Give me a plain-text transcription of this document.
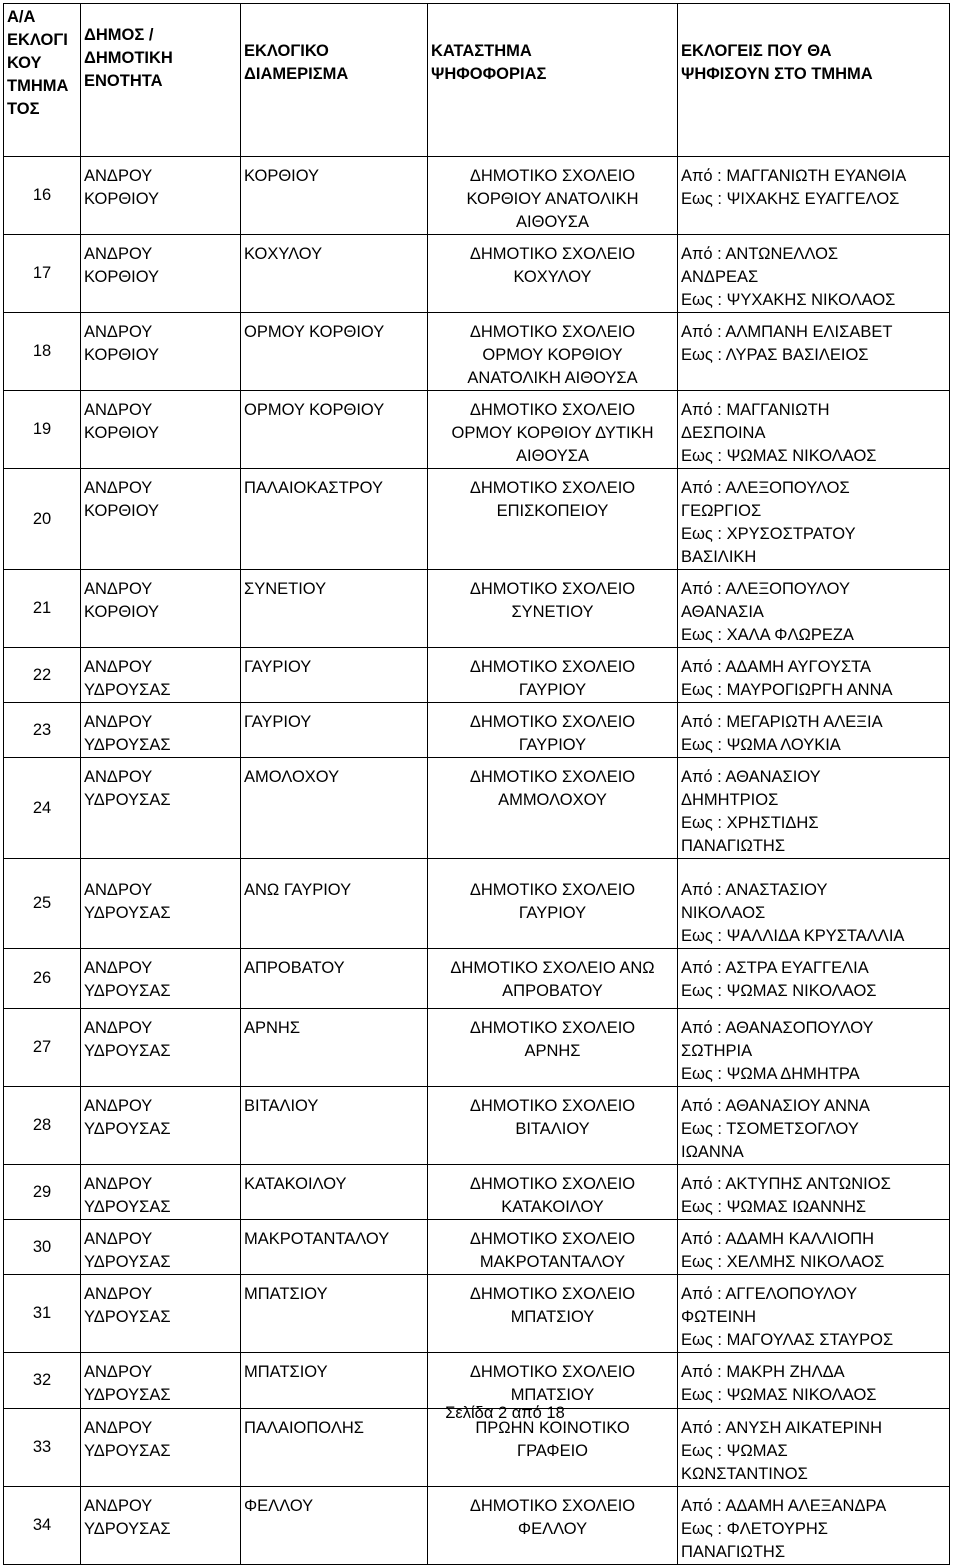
Α/Α
ΕΚΛΟΓΙ
ΚΟΥ
ΤΜΗΜΑ
ΤΟΣ	ΔΗΜΟΣ /
ΔΗΜΟΤΙΚΗ
ΕΝΟΤΗΤΑ	ΕΚΛΟΓΙΚΟ
ΔΙΑΜΕΡΙΣΜΑ	ΚΑΤΑΣΤΗΜΑ
ΨΗΦΟΦΟΡΙΑΣ	ΕΚΛΟΓΕΙΣ ΠΟΥ ΘΑ
ΨΗΦΙΣΟΥΝ ΣΤΟ ΤΜΗΜΑ
16	ΑΝΔΡΟΥ
ΚΟΡΘΙΟΥ	ΚΟΡΘΙΟΥ	ΔΗΜΟΤΙΚΟ ΣΧΟΛΕΙΟ
ΚΟΡΘΙΟΥ ΑΝΑΤΟΛΙΚΗ
ΑΙΘΟΥΣΑ	Από : ΜΑΓΓΑΝΙΩΤΗ ΕΥΑΝΘΙΑ
Εως : ΨΙΧΑΚΗΣ ΕΥΑΓΓΕΛΟΣ
17	ΑΝΔΡΟΥ
ΚΟΡΘΙΟΥ	ΚΟΧΥΛΟΥ	ΔΗΜΟΤΙΚΟ ΣΧΟΛΕΙΟ
ΚΟΧΥΛΟΥ	Από : ΑΝΤΩΝΕΛΛΟΣ
ΑΝΔΡΕΑΣ
Εως : ΨΥΧΑΚΗΣ ΝΙΚΟΛΑΟΣ
18	ΑΝΔΡΟΥ
ΚΟΡΘΙΟΥ	ΟΡΜΟΥ ΚΟΡΘΙΟΥ	ΔΗΜΟΤΙΚΟ ΣΧΟΛΕΙΟ
ΟΡΜΟΥ ΚΟΡΘΙΟΥ
ΑΝΑΤΟΛΙΚΗ ΑΙΘΟΥΣΑ	Από : ΑΛΜΠΑΝΗ ΕΛΙΣΑΒΕΤ
Εως : ΛΥΡΑΣ ΒΑΣΙΛΕΙΟΣ
19	ΑΝΔΡΟΥ
ΚΟΡΘΙΟΥ	ΟΡΜΟΥ ΚΟΡΘΙΟΥ	ΔΗΜΟΤΙΚΟ ΣΧΟΛΕΙΟ
ΟΡΜΟΥ ΚΟΡΘΙΟΥ ΔΥΤΙΚΗ
ΑΙΘΟΥΣΑ	Από : ΜΑΓΓΑΝΙΩΤΗ
ΔΕΣΠΟΙΝΑ
Εως : ΨΩΜΑΣ ΝΙΚΟΛΑΟΣ
20	ΑΝΔΡΟΥ
ΚΟΡΘΙΟΥ	ΠΑΛΑΙΟΚΑΣΤΡΟΥ	ΔΗΜΟΤΙΚΟ ΣΧΟΛΕΙΟ
ΕΠΙΣΚΟΠΕΙΟΥ	Από : ΑΛΕΞΟΠΟΥΛΟΣ
ΓΕΩΡΓΙΟΣ
Εως : ΧΡΥΣΟΣΤΡΑΤΟΥ
ΒΑΣΙΛΙΚΗ
21	ΑΝΔΡΟΥ
ΚΟΡΘΙΟΥ	ΣΥΝΕΤΙΟΥ	ΔΗΜΟΤΙΚΟ ΣΧΟΛΕΙΟ
ΣΥΝΕΤΙΟΥ	Από : ΑΛΕΞΟΠΟΥΛΟΥ
ΑΘΑΝΑΣΙΑ
Εως : ΧΑΛΑ ΦΛΩΡΕΖΑ
22	ΑΝΔΡΟΥ
ΥΔΡΟΥΣΑΣ	ΓΑΥΡΙΟΥ	ΔΗΜΟΤΙΚΟ ΣΧΟΛΕΙΟ
ΓΑΥΡΙΟΥ	Από : ΑΔΑΜΗ ΑΥΓΟΥΣΤΑ
Εως : ΜΑΥΡΟΓΙΩΡΓΗ ΑΝΝΑ
23	ΑΝΔΡΟΥ
ΥΔΡΟΥΣΑΣ	ΓΑΥΡΙΟΥ	ΔΗΜΟΤΙΚΟ ΣΧΟΛΕΙΟ
ΓΑΥΡΙΟΥ	Από : ΜΕΓΑΡΙΩΤΗ ΑΛΕΞΙΑ
Εως : ΨΩΜΑ ΛΟΥΚΙΑ
24	ΑΝΔΡΟΥ
ΥΔΡΟΥΣΑΣ	ΑΜΟΛΟΧΟΥ	ΔΗΜΟΤΙΚΟ ΣΧΟΛΕΙΟ
ΑΜΜΟΛΟΧΟΥ	Από : ΑΘΑΝΑΣΙΟΥ
ΔΗΜΗΤΡΙΟΣ
Εως : ΧΡΗΣΤΙΔΗΣ
ΠΑΝΑΓΙΩΤΗΣ
25	ΑΝΔΡΟΥ
ΥΔΡΟΥΣΑΣ	ΑΝΩ ΓΑΥΡΙΟΥ	ΔΗΜΟΤΙΚΟ ΣΧΟΛΕΙΟ
ΓΑΥΡΙΟΥ	Από : ΑΝΑΣΤΑΣΙΟΥ
ΝΙΚΟΛΑΟΣ
Εως : ΨΑΛΛΙΔΑ ΚΡΥΣΤΑΛΛΙΑ
26	ΑΝΔΡΟΥ
ΥΔΡΟΥΣΑΣ	ΑΠΡΟΒΑΤΟΥ	ΔΗΜΟΤΙΚΟ ΣΧΟΛΕΙΟ ΑΝΩ
ΑΠΡΟΒΑΤΟΥ	Από : ΑΣΤΡΑ ΕΥΑΓΓΕΛΙΑ
Εως : ΨΩΜΑΣ ΝΙΚΟΛΑΟΣ
27	ΑΝΔΡΟΥ
ΥΔΡΟΥΣΑΣ	ΑΡΝΗΣ	ΔΗΜΟΤΙΚΟ ΣΧΟΛΕΙΟ
ΑΡΝΗΣ	Από : ΑΘΑΝΑΣΟΠΟΥΛΟΥ
ΣΩΤΗΡΙΑ
Εως : ΨΩΜΑ ΔΗΜΗΤΡΑ
28	ΑΝΔΡΟΥ
ΥΔΡΟΥΣΑΣ	ΒΙΤΑΛΙΟΥ	ΔΗΜΟΤΙΚΟ ΣΧΟΛΕΙΟ
ΒΙΤΑΛΙΟΥ	Από : ΑΘΑΝΑΣΙΟΥ ΑΝΝΑ
Εως : ΤΣΟΜΕΤΣΟΓΛΟΥ
ΙΩΑΝΝΑ
29	ΑΝΔΡΟΥ
ΥΔΡΟΥΣΑΣ	ΚΑΤΑΚΟΙΛΟΥ	ΔΗΜΟΤΙΚΟ ΣΧΟΛΕΙΟ
ΚΑΤΑΚΟΙΛΟΥ	Από : ΑΚΤΥΠΗΣ ΑΝΤΩΝΙΟΣ
Εως : ΨΩΜΑΣ ΙΩΑΝΝΗΣ
30	ΑΝΔΡΟΥ
ΥΔΡΟΥΣΑΣ	ΜΑΚΡΟΤΑΝΤΑΛΟΥ	ΔΗΜΟΤΙΚΟ ΣΧΟΛΕΙΟ
ΜΑΚΡΟΤΑΝΤΑΛΟΥ	Από : ΑΔΑΜΗ ΚΑΛΛΙΟΠΗ
Εως : ΧΕΛΜΗΣ ΝΙΚΟΛΑΟΣ
31	ΑΝΔΡΟΥ
ΥΔΡΟΥΣΑΣ	ΜΠΑΤΣΙΟΥ	ΔΗΜΟΤΙΚΟ ΣΧΟΛΕΙΟ
ΜΠΑΤΣΙΟΥ	Από : ΑΓΓΕΛΟΠΟΥΛΟΥ
ΦΩΤΕΙΝΗ
Εως : ΜΑΓΟΥΛΑΣ ΣΤΑΥΡΟΣ
32	ΑΝΔΡΟΥ
ΥΔΡΟΥΣΑΣ	ΜΠΑΤΣΙΟΥ	ΔΗΜΟΤΙΚΟ ΣΧΟΛΕΙΟ
ΜΠΑΤΣΙΟΥ	Από : ΜΑΚΡΗ ΖΗΛΔΑ
Εως : ΨΩΜΑΣ ΝΙΚΟΛΑΟΣ
33	ΑΝΔΡΟΥ
ΥΔΡΟΥΣΑΣ	ΠΑΛΑΙΟΠΟΛΗΣ	ΠΡΩΗΝ ΚΟΙΝΟΤΙΚΟ
ΓΡΑΦΕΙΟ	Από : ΑΝΥΣΗ ΑΙΚΑΤΕΡΙΝΗ
Εως : ΨΩΜΑΣ
ΚΩΝΣΤΑΝΤΙΝΟΣ
34	ΑΝΔΡΟΥ
ΥΔΡΟΥΣΑΣ	ΦΕΛΛΟΥ	ΔΗΜΟΤΙΚΟ ΣΧΟΛΕΙΟ
ΦΕΛΛΟΥ	Από : ΑΔΑΜΗ ΑΛΕΞΑΝΔΡΑ
Εως : ΦΛΕΤΟΥΡΗΣ
ΠΑΝΑΓΙΩΤΗΣ
Σελίδα 2 από 18
